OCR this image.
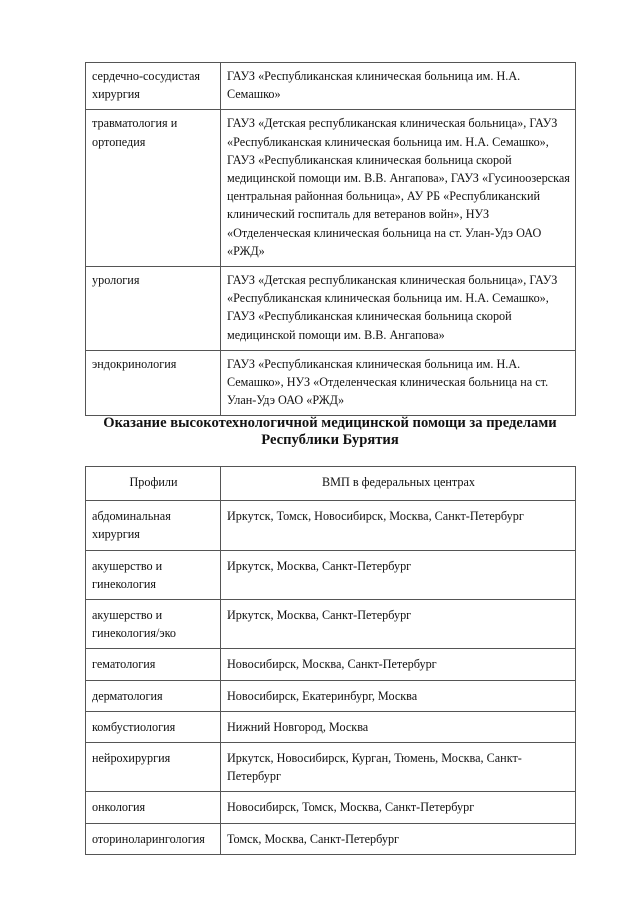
сердечно-сосудистая хирургия	ГАУЗ «Республиканская клиническая больница им. Н.А. Семашко»
травматология и ортопедия	ГАУЗ «Детская республиканская клиническая больница», ГАУЗ «Республиканская клиническая больница им. Н.А. Семашко», ГАУЗ «Республиканская клиническая больница скорой медицинской помощи им. В.В. Ангапова», ГАУЗ «Гусиноозерская центральная районная больница», АУ РБ «Республиканский клинический госпиталь для ветеранов войн», НУЗ «Отделенческая клиническая больница на ст. Улан-Удэ ОАО «РЖД»
урология	ГАУЗ «Детская республиканская клиническая больница», ГАУЗ «Республиканская клиническая больница им. Н.А. Семашко», ГАУЗ «Республиканская клиническая больница скорой медицинской помощи им. В.В. Ангапова»
эндокринология	ГАУЗ «Республиканская клиническая больница им. Н.А. Семашко», НУЗ «Отделенческая клиническая больница на ст. Улан-Удэ ОАО «РЖД»
Оказание высокотехнологичной медицинской помощи за пределами Республики Бурятия
Профили	ВМП в федеральных центрах
абдоминальная хирургия	Иркутск, Томск, Новосибирск, Москва, Санкт-Петербург
акушерство и гинекология	Иркутск, Москва, Санкт-Петербург
акушерство и гинекология/эко	Иркутск, Москва, Санкт-Петербург
гематология	Новосибирск, Москва, Санкт-Петербург
дерматология	Новосибирск, Екатеринбург, Москва
комбустиология	Нижний Новгород, Москва
нейрохирургия	Иркутск, Новосибирск, Курган, Тюмень, Москва, Санкт-Петербург
онкология	Новосибирск, Томск, Москва, Санкт-Петербург
оториноларингология	Томск, Москва, Санкт-Петербург
